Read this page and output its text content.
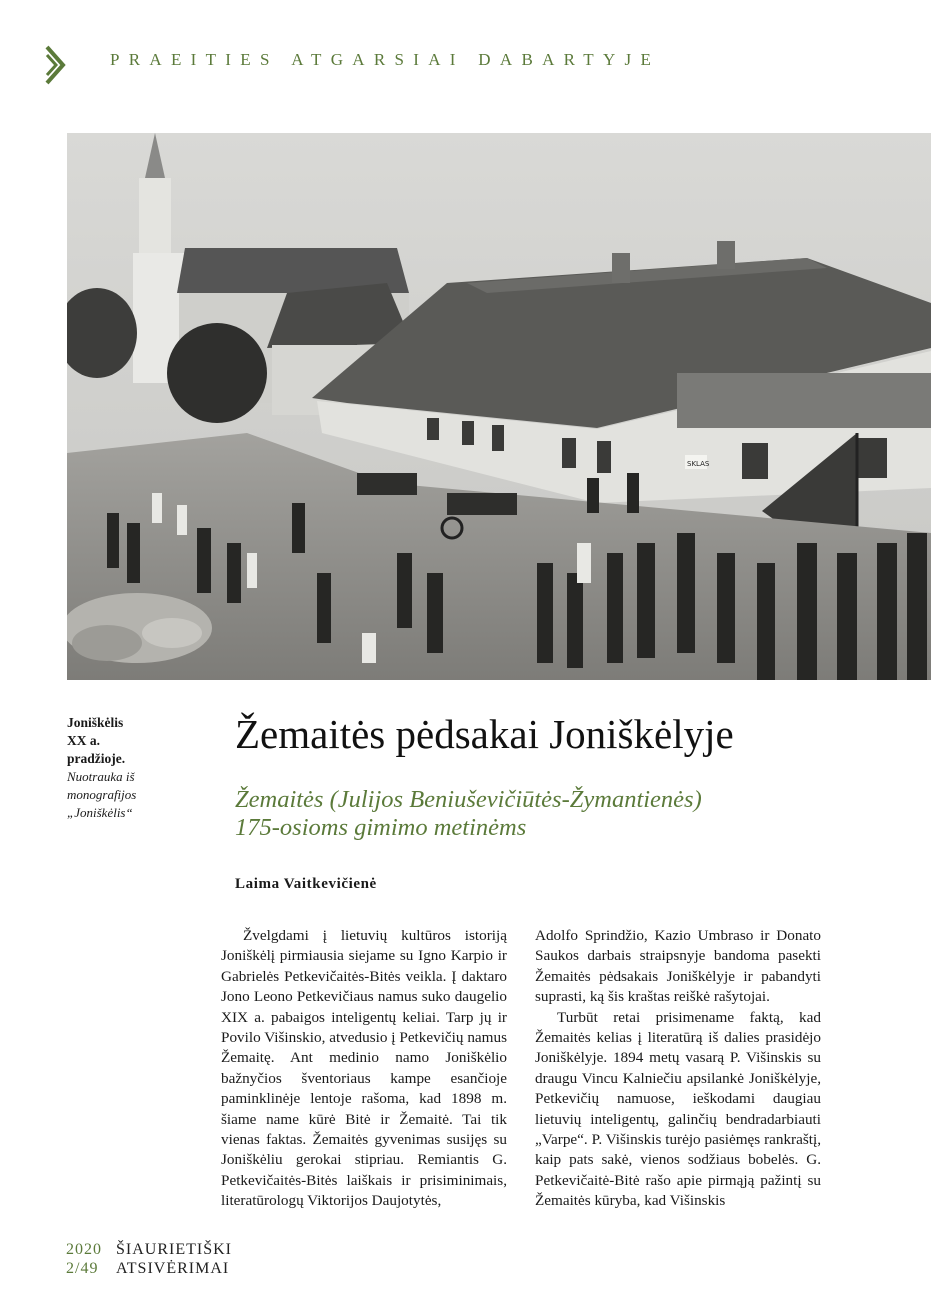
PRAEITIES ATGARSIAI DABARTYJE
SKLAS
Joniškėlis
XX a.
pradžioje.
Nuotrauka iš
monografijos
„Joniškėlis“
Žemaitės pėdsakai Joniškėlyje
Žemaitės (Julijos Beniuševičiūtės-Žymantienės)
175-osioms gimimo metinėms
Laima Vaitkevičienė

Žvelgdami į lietuvių kultūros istoriją Joniškėlį pirmiausia siejame su Igno Karpio ir Gabrielės Petkevičaitės-Bitės veikla. Į daktaro Jono Leono Petkevičiaus namus suko daugelio XIX a. pabaigos inteligentų keliai. Tarp jų ir Povilo Višinskio, atvedusio į Petkevičių namus Žemaitę. Ant medinio namo Joniškėlio bažnyčios šventoriaus kampe esančioje paminklinėje lentoje rašoma, kad 1898 m. šiame name kūrė Bitė ir Žemaitė. Tai tik vienas faktas. Žemaitės gyvenimas susijęs su Joniškėliu gerokai stipriau. Remiantis G. Petkevičaitės-Bitės laiškais ir prisiminimais, literatūrologų Viktorijos Daujotytės,

Adolfo Sprindžio, Kazio Umbraso ir Donato Saukos darbais straipsnyje bandoma pasekti Žemaitės pėdsakais Joniškėlyje ir pabandyti suprasti, ką šis kraštas reiškė rašytojai.

Turbūt retai prisimename faktą, kad Žemaitės kelias į literatūrą iš dalies prasidėjo Joniškėlyje. 1894 metų vasarą P. Višinskis su draugu Vincu Kalniečiu apsilankė Joniškėlyje, Petkevičių namuose, ieškodami daugiau lietuvių inteligentų, galinčių bendradarbiauti „Varpe“. P. Višinskis turėjo pasiėmęs rankraštį, kaip pats sakė, vienos sodžiaus bobelės. G. Petkevičaitė-Bitė rašo apie pirmąją pažintį su Žemaitės kūryba, kad Višinskis

2020 ŠIAURIETIŠKI
2/49	ATSIVĖRIMAI
